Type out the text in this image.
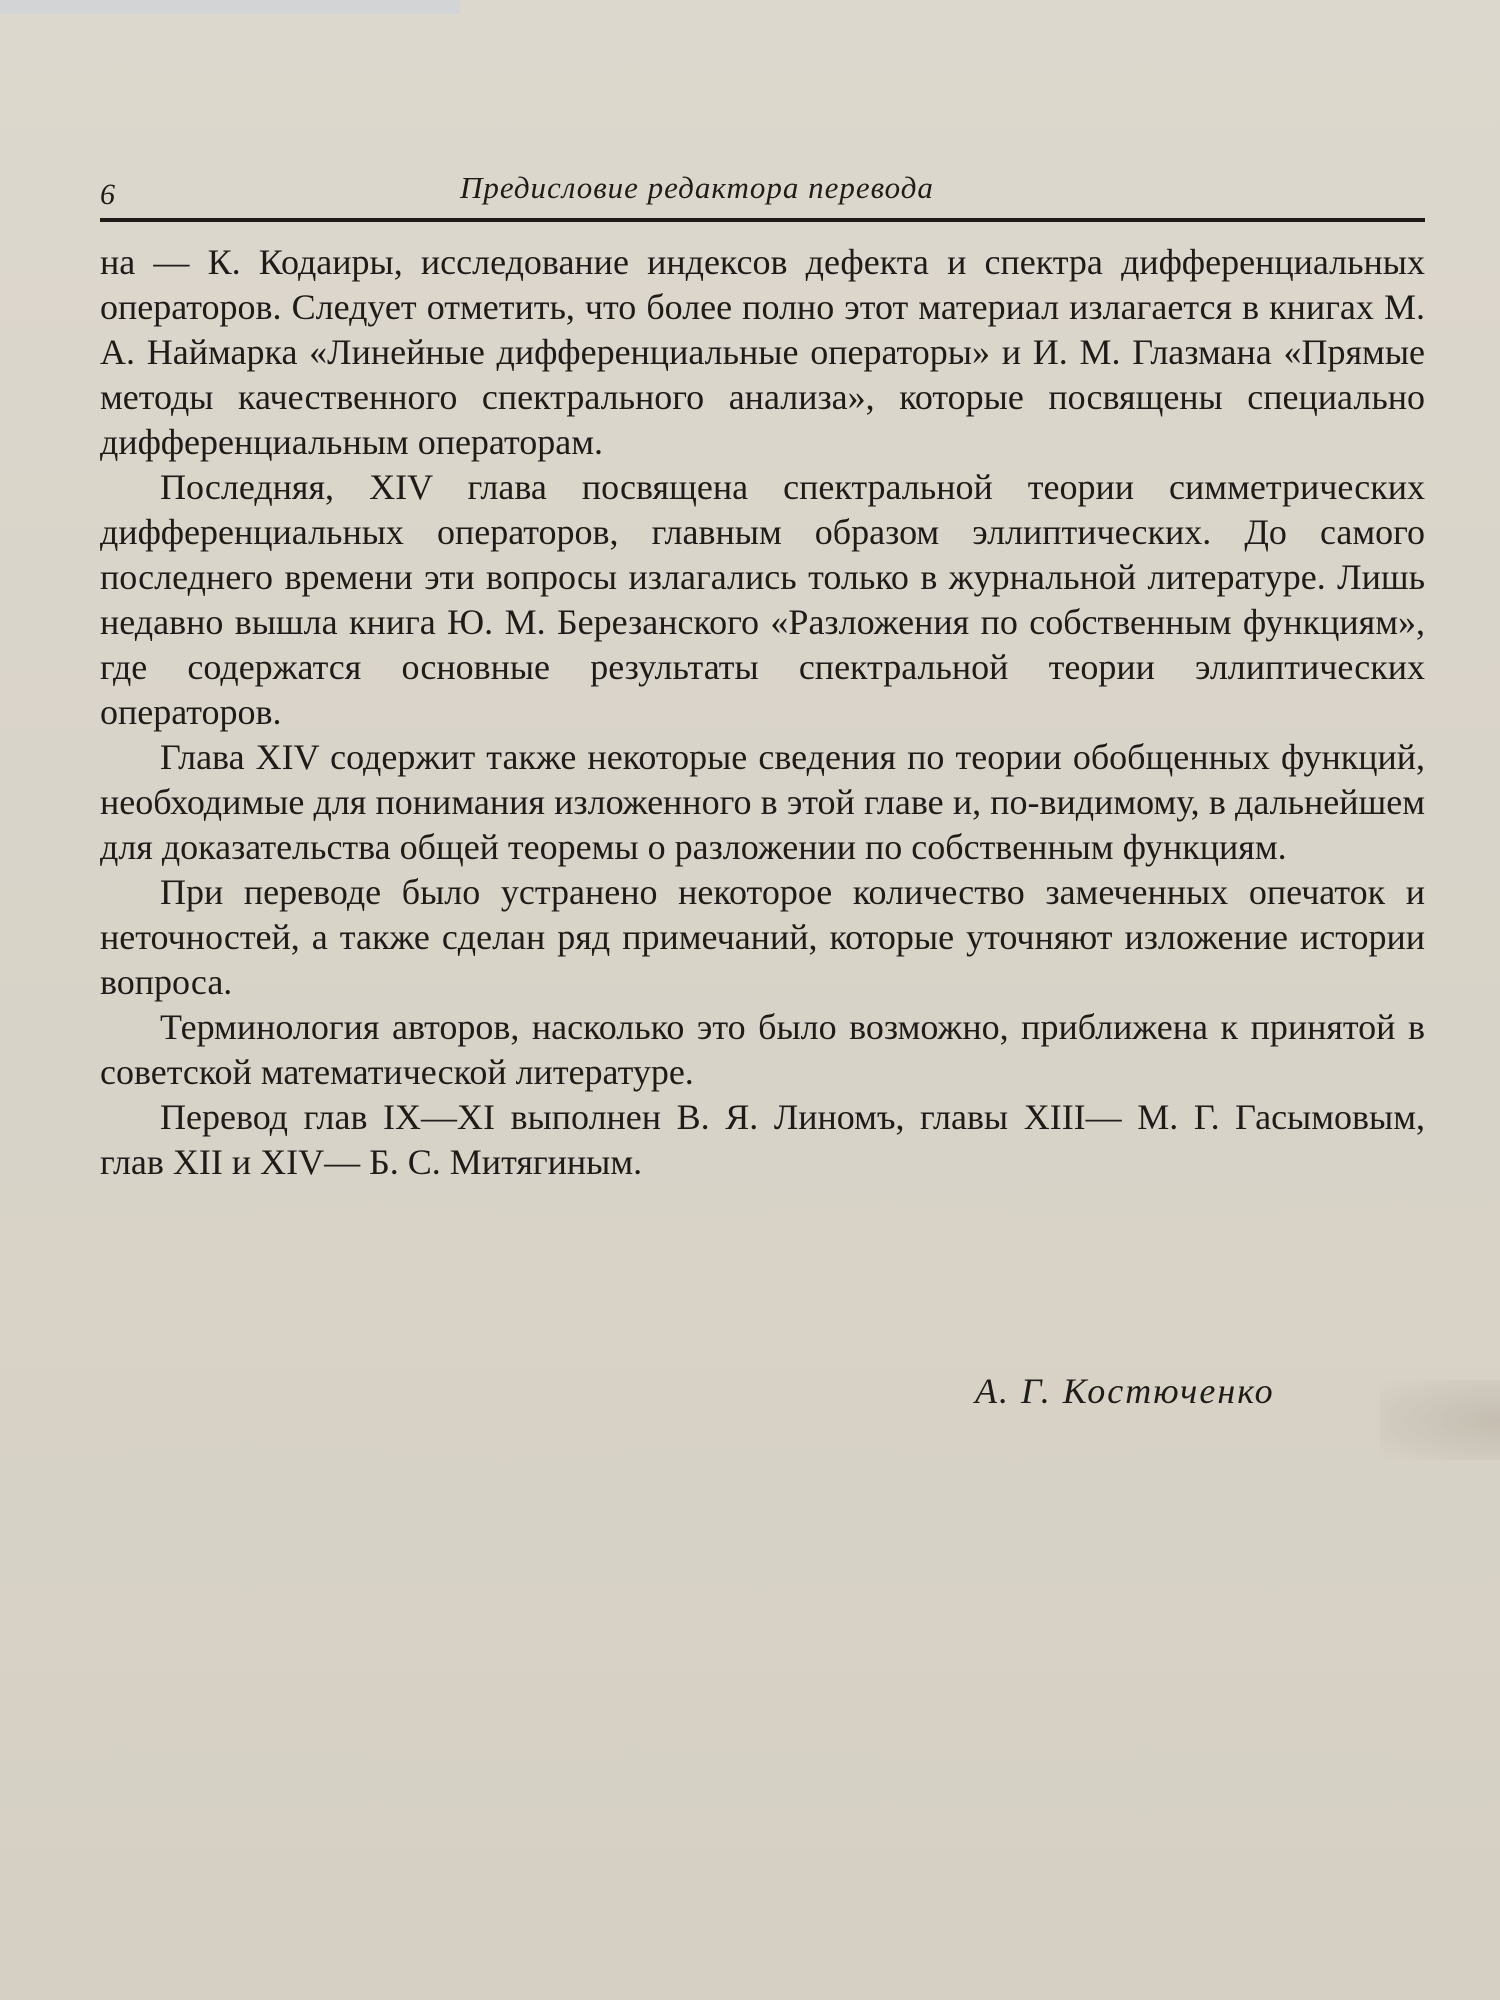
6	Предисловие редактора перевода

на — К. Кодаиры, исследование индексов дефекта и спектра дифференциальных операторов. Следует отметить, что более полно этот материал излагается в книгах М. А. Наймарка «Линейные дифференциальные операторы» и И. М. Глазмана «Прямые методы качественного спектрального анализа», которые посвящены специально дифференциальным операторам.

Последняя, XIV глава посвящена спектральной теории симметрических дифференциальных операторов, главным образом эллиптических. До самого последнего времени эти вопросы излагались только в журнальной литературе. Лишь недавно вышла книга Ю. М. Березанского «Разложения по собственным функциям», где содержатся основные результаты спектральной теории эллиптических операторов.

Глава XIV содержит также некоторые сведения по теории обобщенных функций, необходимые для понимания изложенного в этой главе и, по-видимому, в дальнейшем для доказательства общей теоремы о разложении по собственным функциям.

При переводе было устранено некоторое количество замеченных опечаток и неточностей, а также сделан ряд примечаний, которые уточняют изложение истории вопроса.

Терминология авторов, насколько это было возможно, приближена к принятой в советской математической литературе.

Перевод глав IX—XI выполнен В. Я. Линомъ, главы XIII— М. Г. Гасымовым, глав XII и XIV— Б. С. Митягиным.

А. Г. Костюченко
